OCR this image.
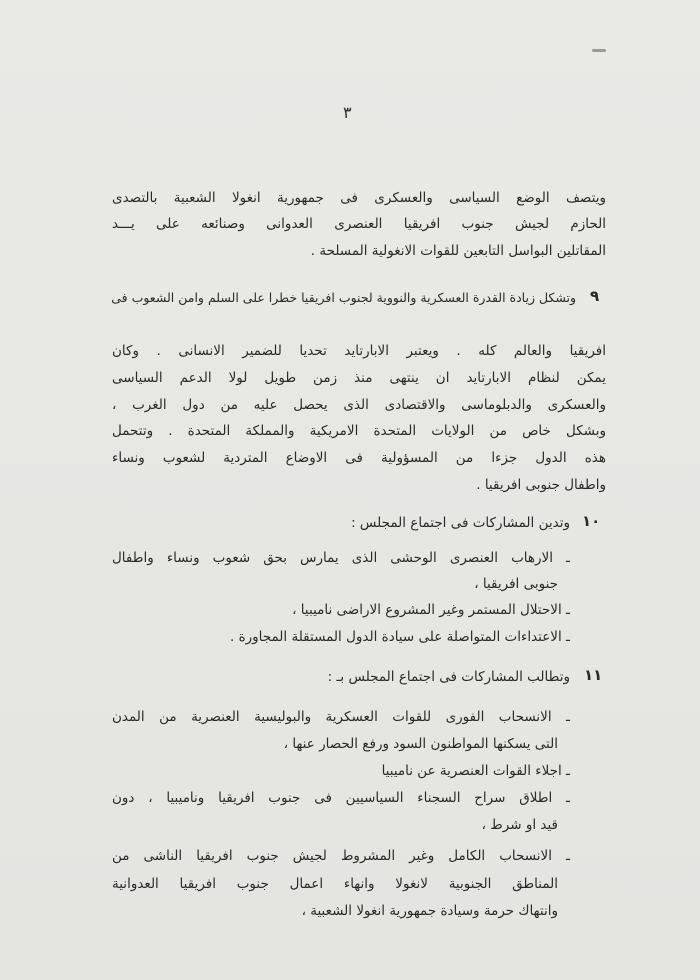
٣
ويتصف الوضع السياسى والعسكرى فى جمهورية انغولا الشعبية بالتصدى
الحازم لجيش جنوب افريقيا العنصرى العدوانى وصنائعه على يـــد
المقاتلين البواسل التابعين للقوات الانغولية المسلحة .
٩
وتشكل زيادة القدرة العسكرية والنووية لجنوب افريقيا خطرا على السلم وامن الشعوب فى
افريقيا والعالم كله . ويعتبر الابارتايد تحديا للضمير الانسانى . وكان
يمكن لنظام الابارتايد ان ينتهى منذ زمن طويل لولا الدعم السياسى
والعسكرى والدبلوماسى والاقتصادى الذى يحصل عليه من دول الغرب ،
وبشكل خاص من الولايات المتحدة الامريكية والمملكة المتحدة . وتتحمل
هذه الدول جزءا من المسؤولية فى الاوضاع المتردية لشعوب ونساء
واطفال جنوبى افريقيا .
١٠
وتدين المشاركات فى اجتماع المجلس :
ـ الارهاب العنصرى الوحشى الذى يمارس بحق شعوب ونساء واطفال
جنوبى افريقيا ،
ـ الاحتلال المستمر وغير المشروع الاراضى ناميبيا ،
ـ الاعتداءات المتواصلة على سيادة الدول المستقلة المجاورة .
١١
وتطالب المشاركات فى اجتماع المجلس بـ :
ـ الانسحاب الفورى للقوات العسكرية والبوليسية العنصرية من المدن
التى يسكنها المواطنون السود ورفع الحصار عنها ،
ـ اجلاء القوات العنصرية عن ناميبيا
ـ اطلاق سراح السجناء السياسيين فى جنوب افريقيا وناميبيا ، دون
قيد او شرط ،
ـ الانسحاب الكامل وغير المشروط لجيش جنوب افريقيا الناشى من
المناطق الجنوبية لانغولا وانهاء اعمال جنوب افريقيا العدوانية
وانتهاك حرمة وسيادة جمهورية انغولا الشعبية ،
